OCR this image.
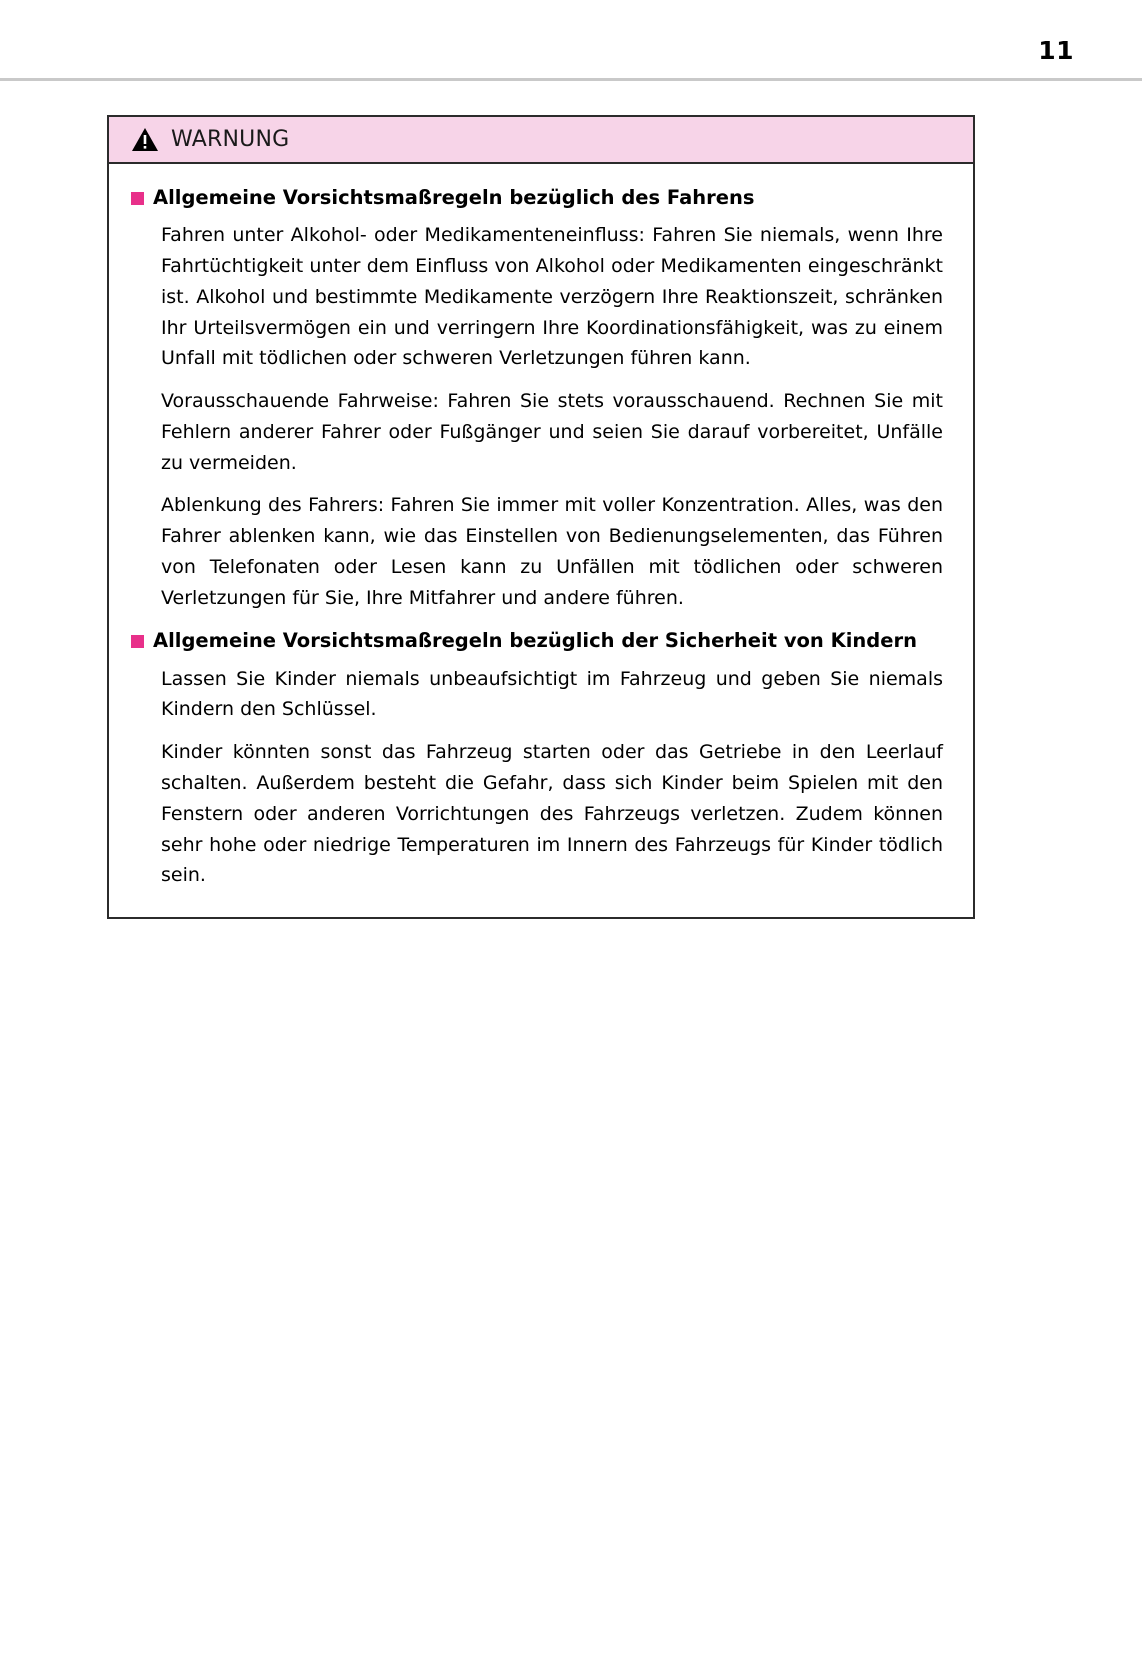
11
WARNUNG
Allgemeine Vorsichtsmaßregeln bezüglich des Fahrens

Fahren unter Alkohol- oder Medikamenteneinfluss: Fahren Sie niemals, wenn Ihre Fahrtüchtigkeit unter dem Einfluss von Alkohol oder Medikamenten eingeschränkt ist. Alkohol und bestimmte Medikamente verzögern Ihre Reaktionszeit, schränken Ihr Urteilsvermögen ein und verringern Ihre Koordinationsfähigkeit, was zu einem Unfall mit tödlichen oder schweren Verletzungen führen kann.

Vorausschauende Fahrweise: Fahren Sie stets vorausschauend. Rechnen Sie mit Fehlern anderer Fahrer oder Fußgänger und seien Sie darauf vorbereitet, Unfälle zu vermeiden.

Ablenkung des Fahrers: Fahren Sie immer mit voller Konzentration. Alles, was den Fahrer ablenken kann, wie das Einstellen von Bedienungselementen, das Führen von Telefonaten oder Lesen kann zu Unfällen mit tödlichen oder schweren Verletzungen für Sie, Ihre Mitfahrer und andere führen.

Allgemeine Vorsichtsmaßregeln bezüglich der Sicherheit von Kindern

Lassen Sie Kinder niemals unbeaufsichtigt im Fahrzeug und geben Sie niemals Kindern den Schlüssel.

Kinder könnten sonst das Fahrzeug starten oder das Getriebe in den Leerlauf schalten. Außerdem besteht die Gefahr, dass sich Kinder beim Spielen mit den Fenstern oder anderen Vorrichtungen des Fahrzeugs verletzen. Zudem können sehr hohe oder niedrige Temperaturen im Innern des Fahrzeugs für Kinder tödlich sein.
